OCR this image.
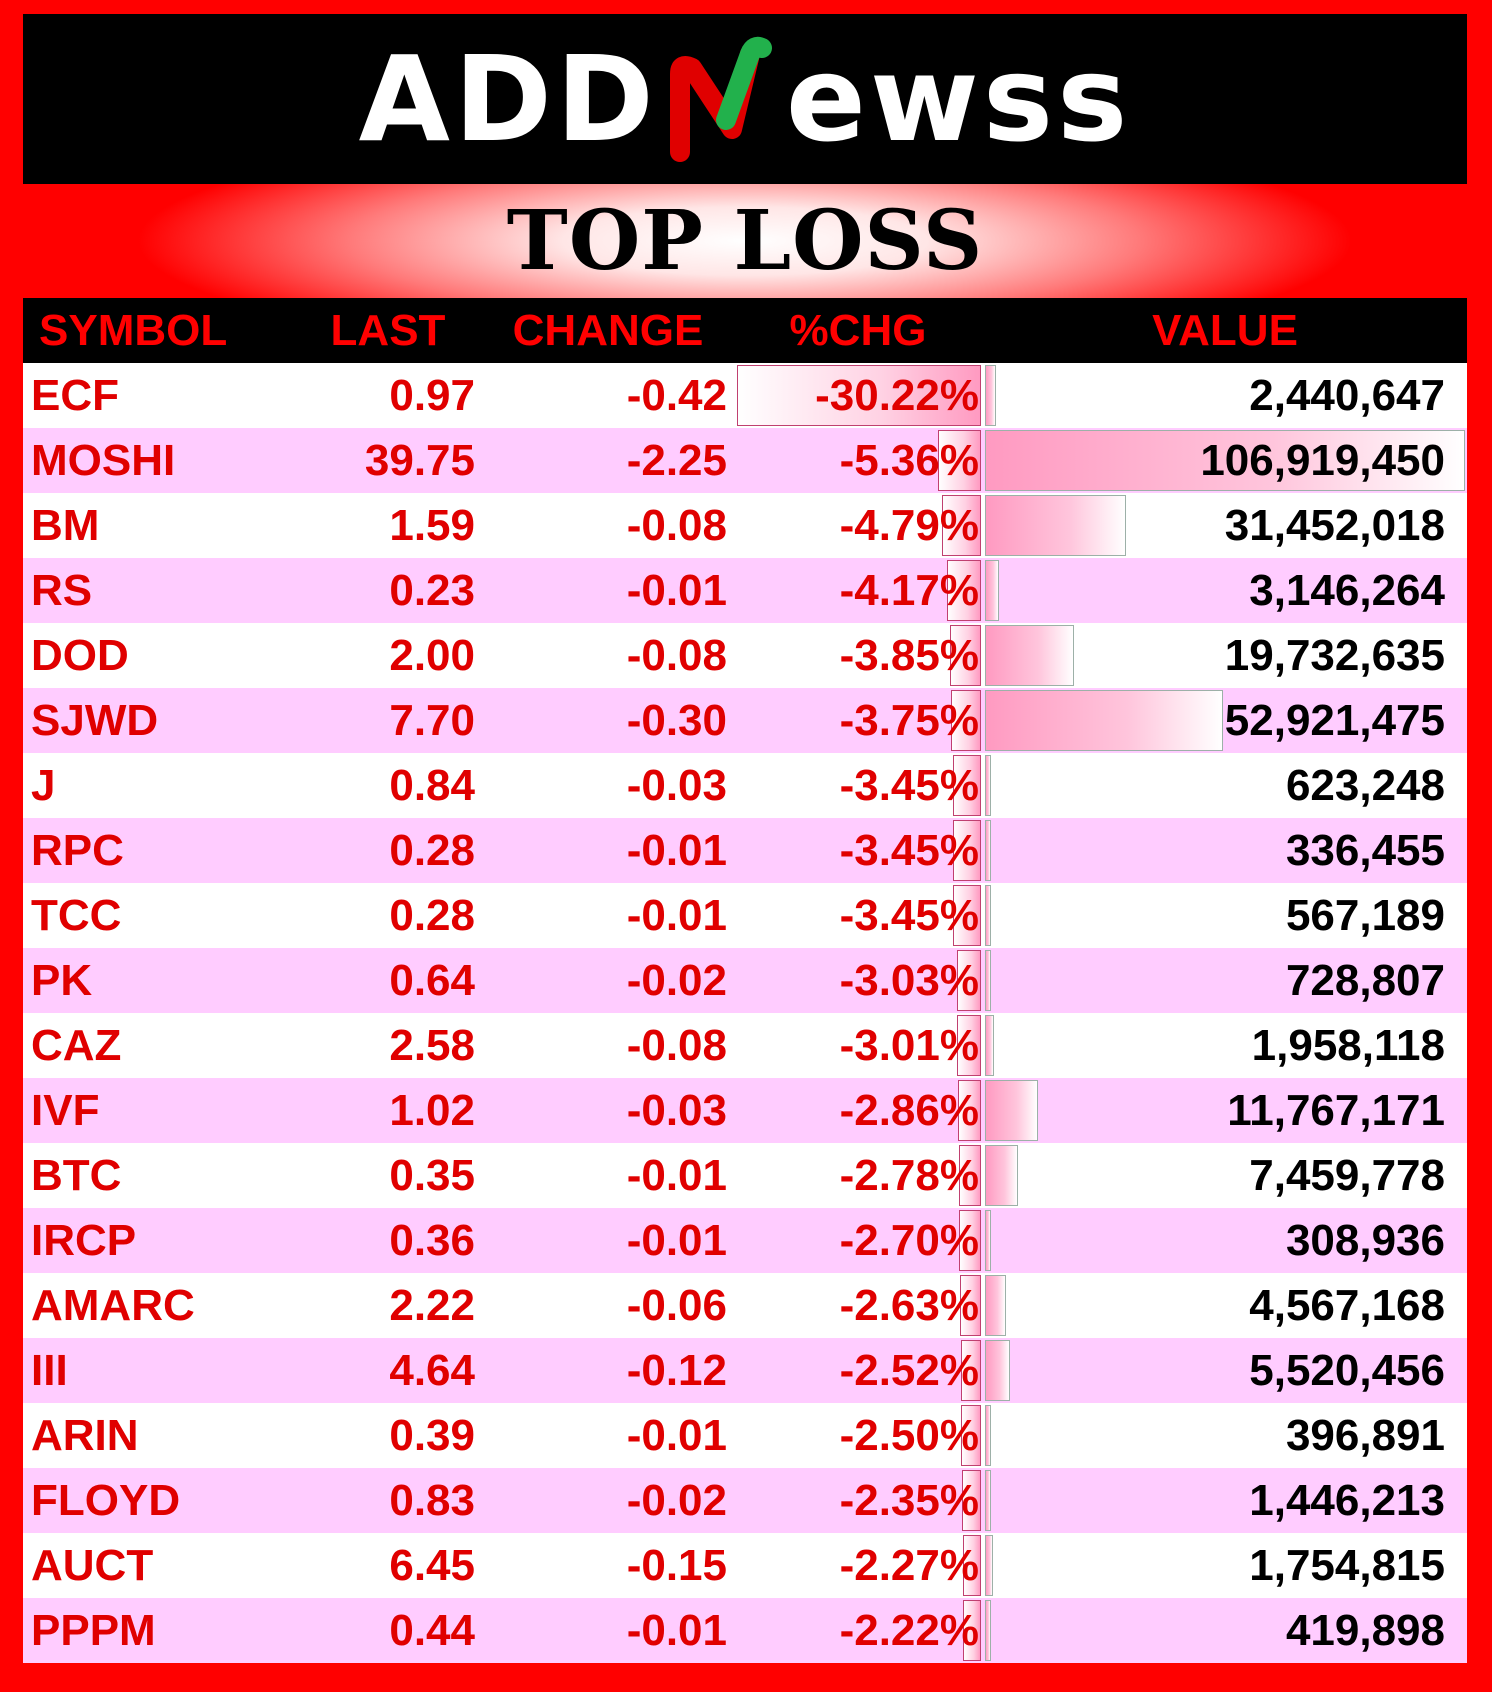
ADD ewss
TOP LOSS
SYMBOL	LAST	CHANGE	%CHG	VALUE
ECF	0.97	-0.42	-30.22%	2,440,647
MOSHI	39.75	-2.25	-5.36%	106,919,450
BM	1.59	-0.08	-4.79%	31,452,018
RS	0.23	-0.01	-4.17%	3,146,264
DOD	2.00	-0.08	-3.85%	19,732,635
SJWD	7.70	-0.30	-3.75%	52,921,475
J	0.84	-0.03	-3.45%	623,248
RPC	0.28	-0.01	-3.45%	336,455
TCC	0.28	-0.01	-3.45%	567,189
PK	0.64	-0.02	-3.03%	728,807
CAZ	2.58	-0.08	-3.01%	1,958,118
IVF	1.02	-0.03	-2.86%	11,767,171
BTC	0.35	-0.01	-2.78%	7,459,778
IRCP	0.36	-0.01	-2.70%	308,936
AMARC	2.22	-0.06	-2.63%	4,567,168
III	4.64	-0.12	-2.52%	5,520,456
ARIN	0.39	-0.01	-2.50%	396,891
FLOYD	0.83	-0.02	-2.35%	1,446,213
AUCT	6.45	-0.15	-2.27%	1,754,815
PPPM	0.44	-0.01	-2.22%	419,898
